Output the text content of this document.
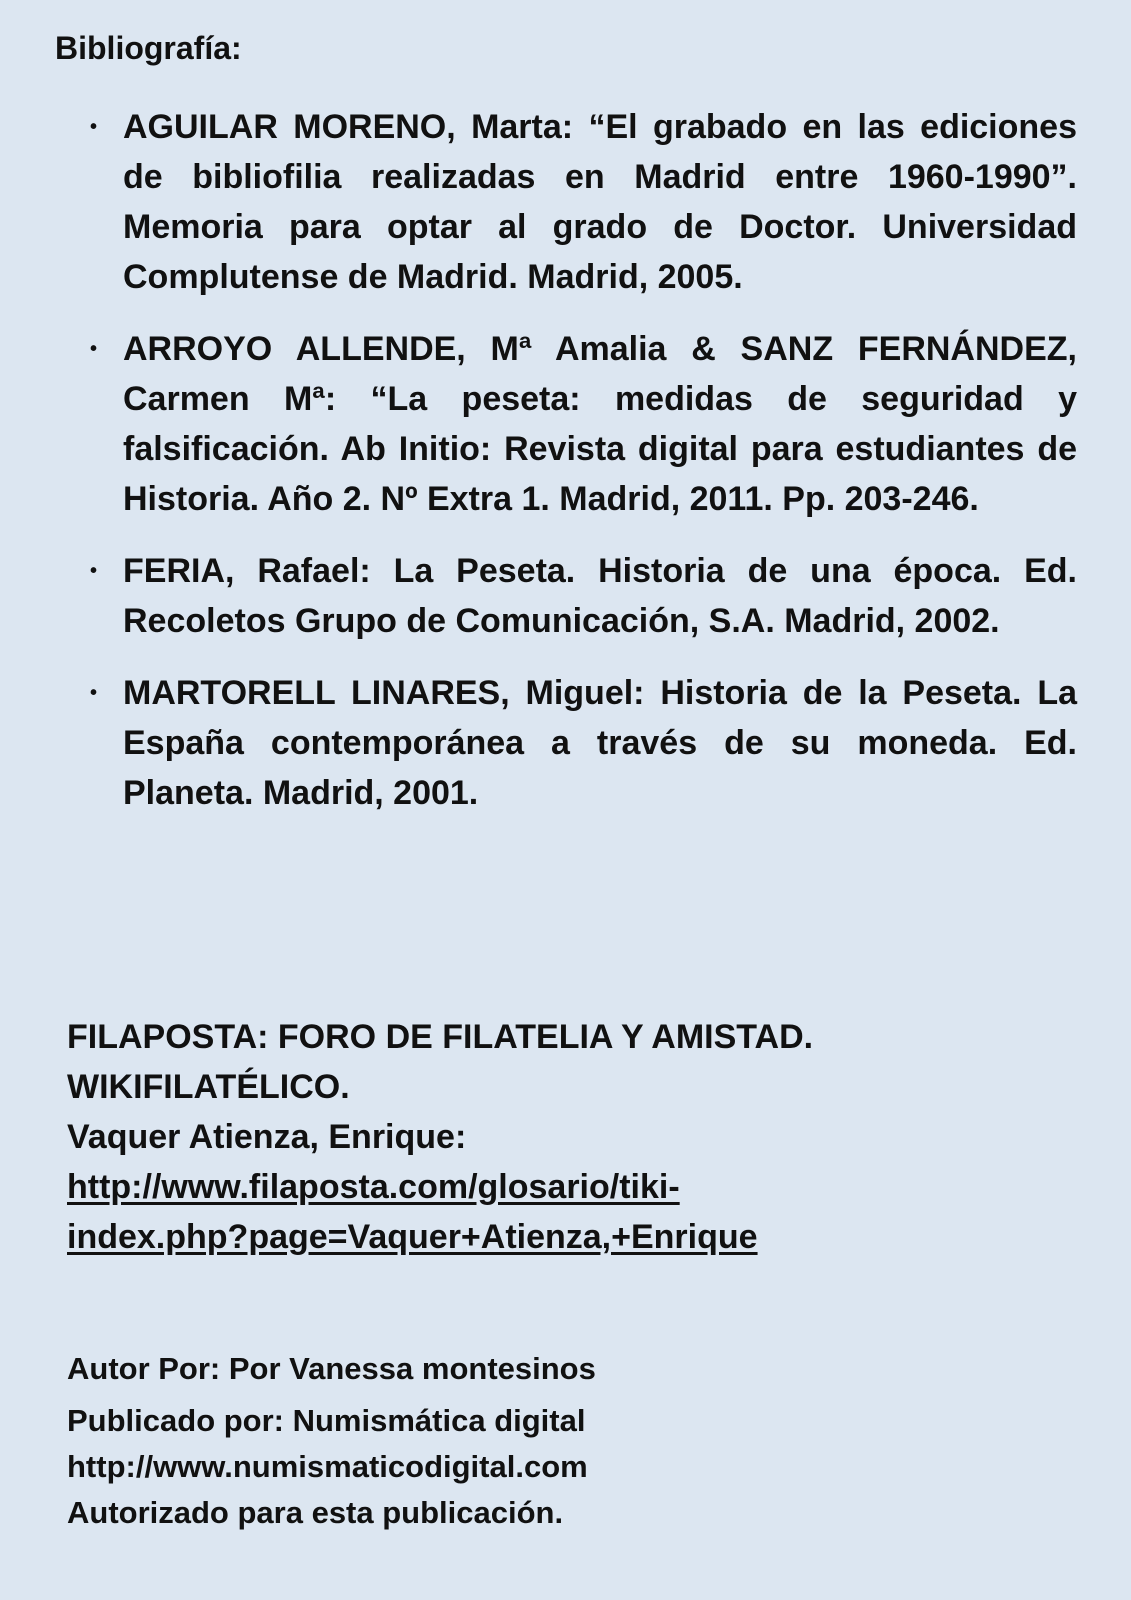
Bibliografía:
• AGUILAR MORENO, Marta: “El grabado en las ediciones de bibliofilia realizadas en Madrid entre 1960-1990”. Memoria para optar al grado de Doctor. Universidad Complutense de Madrid. Madrid, 2005.
• ARROYO ALLENDE, Mª Amalia & SANZ FERNÁNDEZ, Carmen Mª: “La peseta: medidas de seguridad y falsificación. Ab Initio: Revista digital para estudiantes de Historia. Año 2. Nº Extra 1. Madrid, 2011. Pp. 203-246.
• FERIA, Rafael: La Peseta. Historia de una época. Ed. Recoletos Grupo de Comunicación, S.A. Madrid, 2002.
• MARTORELL LINARES, Miguel: Historia de la Peseta. La España contemporánea a través de su moneda. Ed. Planeta. Madrid, 2001.
FILAPOSTA: FORO DE FILATELIA Y AMISTAD.
WIKIFILATÉLICO.
Vaquer Atienza, Enrique:
http://www.filaposta.com/glosario/tiki-
index.php?page=Vaquer+Atienza,+Enrique
Autor Por: Por Vanessa montesinos
Publicado por: Numismática digital
http://www.numismaticodigital.com
Autorizado para esta publicación.
